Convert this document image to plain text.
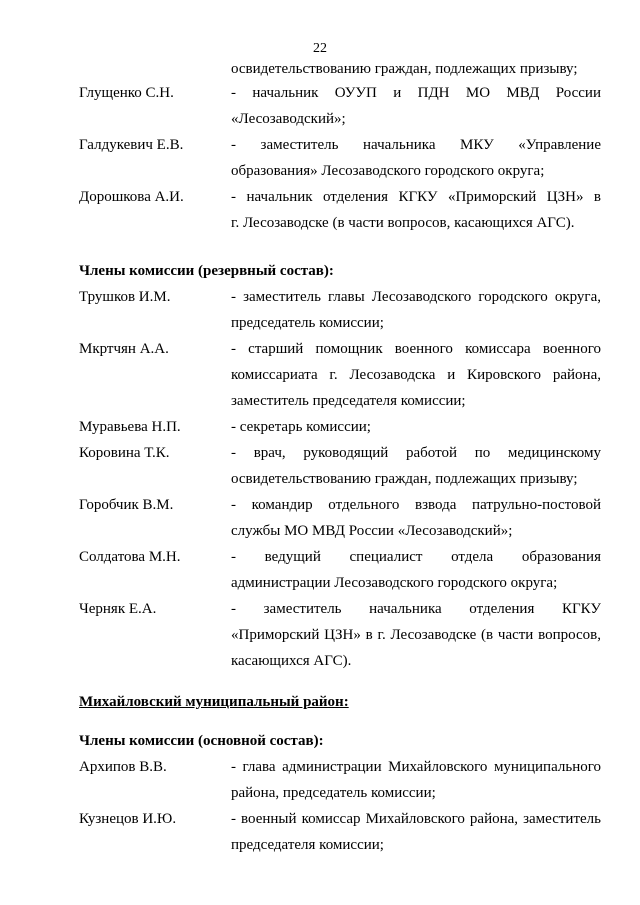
22
освидетельствованию граждан, подлежащих призыву;
Глущенко С.Н.	- начальник ОУУП и ПДН МО МВД России
«Лесозаводский»;
Галдукевич Е.В.	- заместитель начальника МКУ «Управление
образования» Лесозаводского городского округа;
Дорошкова А.И.	- начальник отделения КГКУ «Приморский ЦЗН» в
г. Лесозаводске (в части вопросов, касающихся АГС).
Члены комиссии (резервный состав):
Трушков И.М.	- заместитель главы Лесозаводского городского округа,
председатель комиссии;
Мкртчян А.А.	- старший помощник военного комиссара военного
комиссариата г. Лесозаводска и Кировского района,
заместитель председателя комиссии;
Муравьева Н.П.	- секретарь комиссии;
Коровина Т.К.	- врач, руководящий работой по медицинскому
освидетельствованию граждан, подлежащих призыву;
Горобчик В.М.	- командир отдельного взвода патрульно-постовой
службы МО МВД России «Лесозаводский»;
Солдатова М.Н.	- ведущий специалист отдела образования
администрации Лесозаводского городского округа;
Черняк Е.А.	- заместитель начальника отделения КГКУ
«Приморский ЦЗН» в г. Лесозаводске (в части вопросов,
касающихся АГС).
Михайловский муниципальный район:
Члены комиссии (основной состав):
Архипов В.В.	- глава администрации Михайловского муниципального
района, председатель комиссии;
Кузнецов И.Ю.	- военный комиссар Михайловского района, заместитель
председателя комиссии;
